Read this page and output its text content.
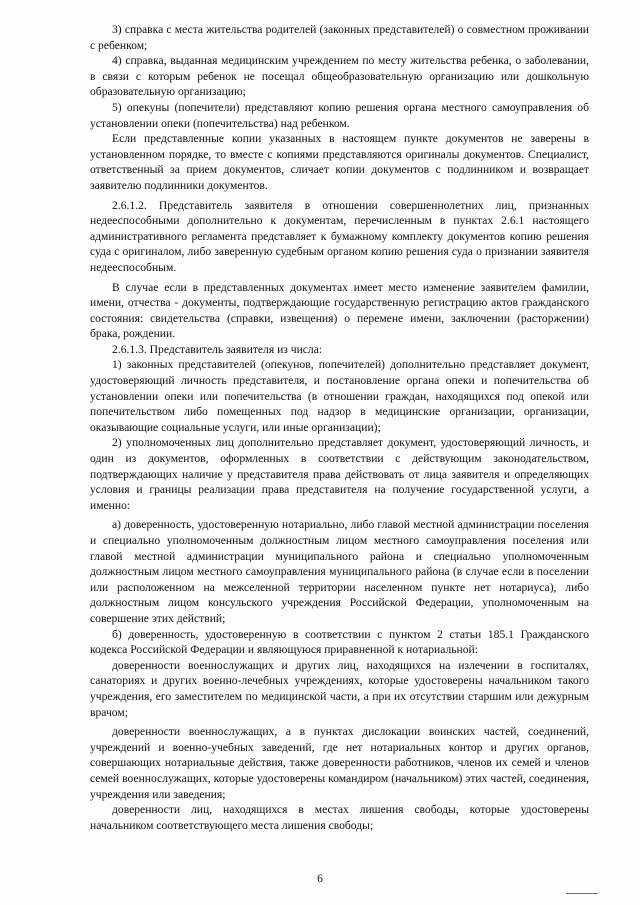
3) справка с места жительства родителей (законных представителей) о совместном проживании с ребенком;

4) справка, выданная медицинским учреждением по месту жительства ребенка, о заболевании, в связи с которым ребенок не посещал общеобразовательную организацию или дошкольную образовательную организацию;

5) опекуны (попечители) представляют копию решения органа местного самоуправления об установлении опеки (попечительства) над ребенком.

Если представленные копии указанных в настоящем пункте документов не заверены в установленном порядке, то вместе с копиями представляются оригиналы документов. Специалист, ответственный за прием документов, сличает копии документов с подлинником и возвращает заявителю подлинники документов.

2.6.1.2. Представитель заявителя в отношении совершеннолетних лиц, признанных недееспособными дополнительно к документам, перечисленным в пунктах 2.6.1 настоящего административного регламента представляет к бумажному комплекту документов копию решения суда с оригиналом, либо заверенную судебным органом копию решения суда о признании заявителя недееспособным.

В случае если в представленных документах имеет место изменение заявителем фамилии, имени, отчества - документы, подтверждающие государственную регистрацию актов гражданского состояния: свидетельства (справки, извещения) о перемене имени, заключении (расторжении) брака, рождении.

2.6.1.3. Представитель заявителя из числа:

1) законных представителей (опекунов, попечителей) дополнительно представляет документ, удостоверяющий личность представителя, и постановление органа опеки и попечительства об установлении опеки или попечительства (в отношении граждан, находящихся под опекой или попечительством либо помещенных под надзор в медицинские организации, организации, оказывающие социальные услуги, или иные организации);

2) уполномоченных лиц дополнительно представляет документ, удостоверяющий личность, и один из документов, оформленных в соответствии с действующим законодательством, подтверждающих наличие у представителя права действовать от лица заявителя и определяющих условия и границы реализации права представителя на получение государственной услуги, а именно:

а) доверенность, удостоверенную нотариально, либо главой местной администрации поселения и специально уполномоченным должностным лицом местного самоуправления поселения или главой местной администрации муниципального района и специально уполномоченным должностным лицом местного самоуправления муниципального района (в случае если в поселении или расположенном на межселенной территории населенном пункте нет нотариуса), либо должностным лицом консульского учреждения Российской Федерации, уполномоченным на совершение этих действий;

б) доверенность, удостоверенную в соответствии с пунктом 2 статьи 185.1 Гражданского кодекса Российской Федерации и являющуюся приравненной к нотариальной:

доверенности военнослужащих и других лиц, находящихся на излечении в госпиталях, санаториях и других военно-лечебных учреждениях, которые удостоверены начальником такого учреждения, его заместителем по медицинской части, а при их отсутствии старшим или дежурным врачом;

доверенности военнослужащих, а в пунктах дислокации воинских частей, соединений, учреждений и военно-учебных заведений, где нет нотариальных контор и других органов, совершающих нотариальные действия, также доверенности работников, членов их семей и членов семей военнослужащих, которые удостоверены командиром (начальником) этих частей, соединения, учреждения или заведения;

доверенности лиц, находящихся в местах лишения свободы, которые удостоверены начальником соответствующего места лишения свободы;

6
